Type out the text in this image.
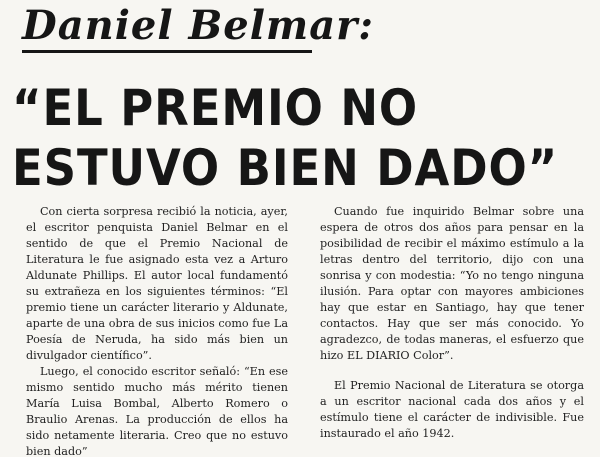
Daniel Belmar:
“EL PREMIO NO
ESTUVO BIEN DADO”

Con cierta sorpresa recibió la noticia, ayer, el escritor penquista Daniel Belmar en el sentido de que el Premio Nacional de Literatura le fue asignado esta vez a Arturo Aldunate Phillips. El autor local fundamentó su extrañeza en los siguientes términos: “El premio tiene un carácter literario y Aldunate, aparte de una obra de sus inicios como fue La Poesía de Neruda, ha sido más bien un divulgador científico”.

Luego, el conocido escritor señaló: “En ese mismo sentido mucho más mérito tienen María Luisa Bombal, Alberto Romero o Braulio Arenas. La producción de ellos ha sido netamente literaria. Creo que no estuvo bien dado”

Cuando fue inquirido Belmar sobre una espera de otros dos años para pensar en la posibilidad de recibir el máximo estímulo a la letras dentro del territorio, dijo con una sonrisa y con modestia: “Yo no tengo ninguna ilusión. Para optar con mayores ambiciones hay que estar en Santiago, hay que tener contactos. Hay que ser más conocido. Yo agradezco, de todas maneras, el esfuerzo que hizo EL DIARIO Color”.

El Premio Nacional de Literatura se otorga a un escritor nacional cada dos años y el estímulo tiene el carácter de indivisible. Fue instaurado el año 1942.
